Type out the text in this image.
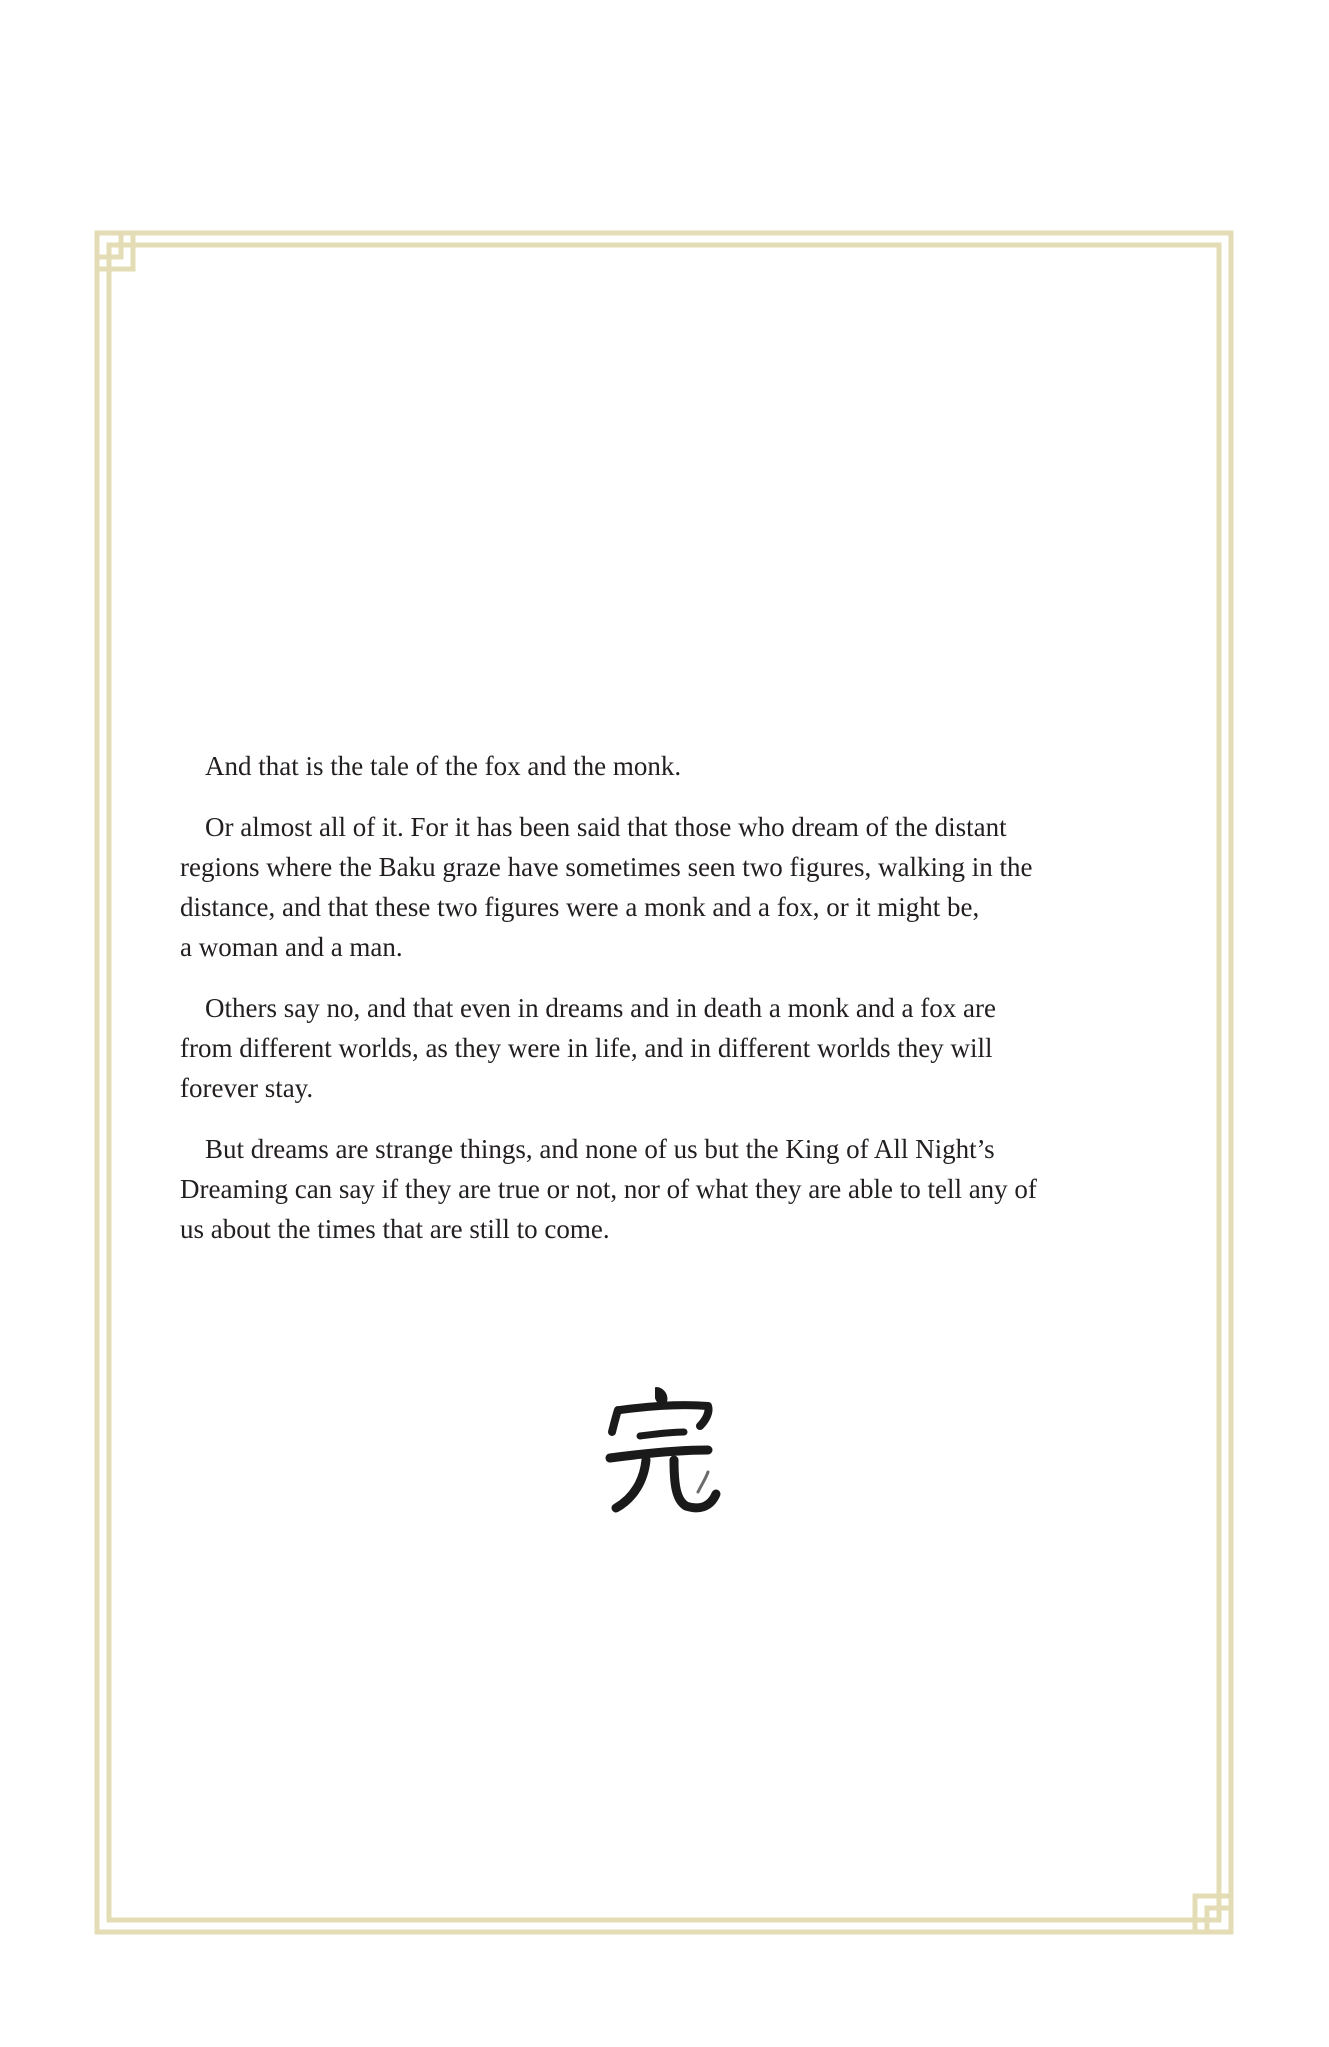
And that is the tale of the fox and the monk.

Or almost all of it. For it has been said that those who dream of the distant
regions where the Baku graze have sometimes seen two figures, walking in the
distance, and that these two figures were a monk and a fox, or it might be,
a woman and a man.

Others say no, and that even in dreams and in death a monk and a fox are
from different worlds, as they were in life, and in different worlds they will
forever stay.

But dreams are strange things, and none of us but the King of All Night’s
Dreaming can say if they are true or not, nor of what they are able to tell any of
us about the times that are still to come.
